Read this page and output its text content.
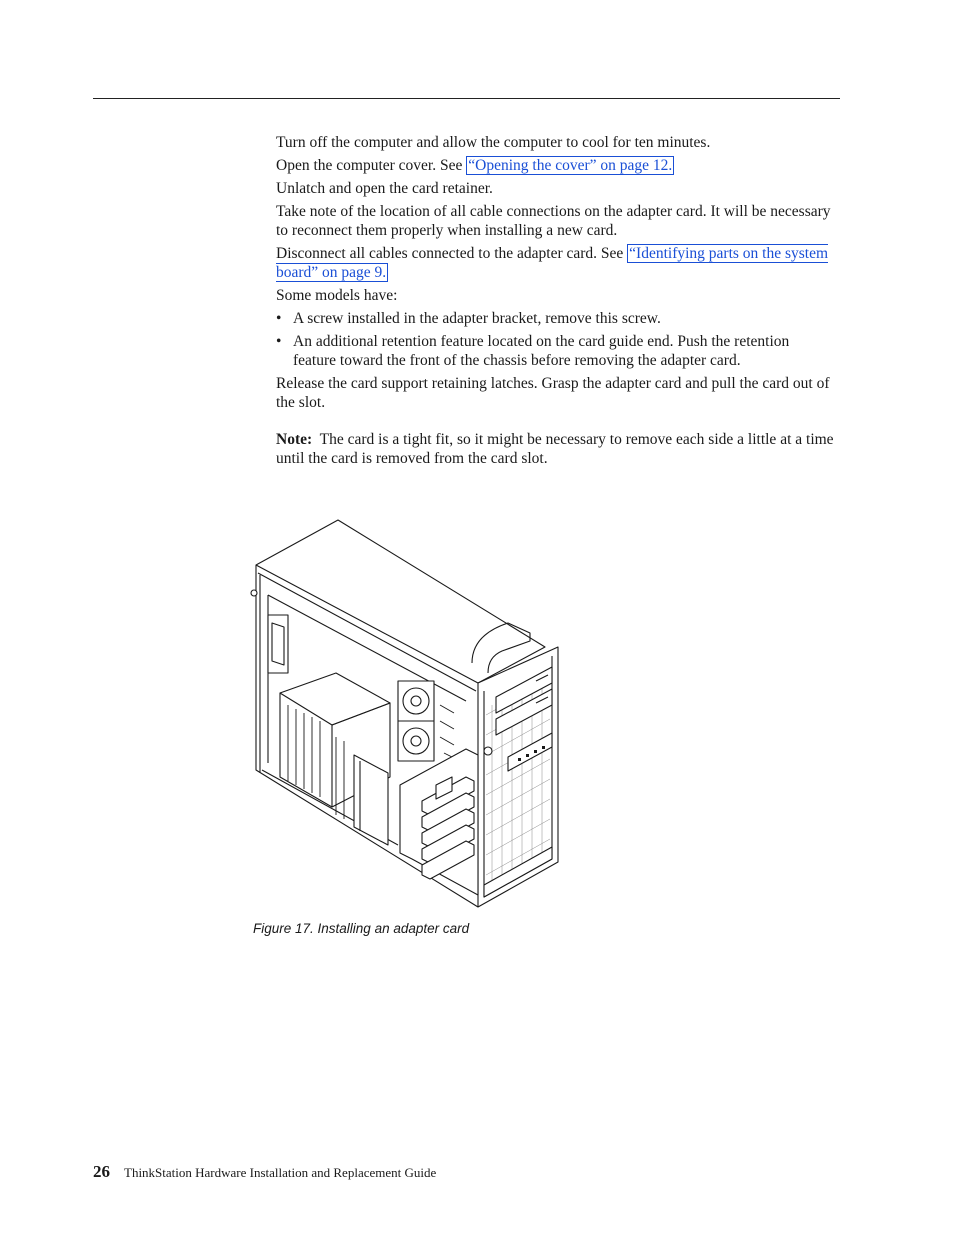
Turn off the computer and allow the computer to cool for ten minutes.

Open the computer cover. See “Opening the cover” on page 12.

Unlatch and open the card retainer.

Take note of the location of all cable connections on the adapter card. It will be necessary to reconnect them properly when installing a new card.

Disconnect all cables connected to the adapter card. See “Identifying parts on the system board” on page 9.

Some models have:

• A screw installed in the adapter bracket, remove this screw.
• An additional retention feature located on the card guide end. Push the retention feature toward the front of the chassis before removing the adapter card.

Release the card support retaining latches. Grasp the adapter card and pull the card out of the slot.

Note: The card is a tight fit, so it might be necessary to remove each side a little at a time until the card is removed from the card slot.

Figure 17. Installing an adapter card
26 ThinkStation Hardware Installation and Replacement Guide
